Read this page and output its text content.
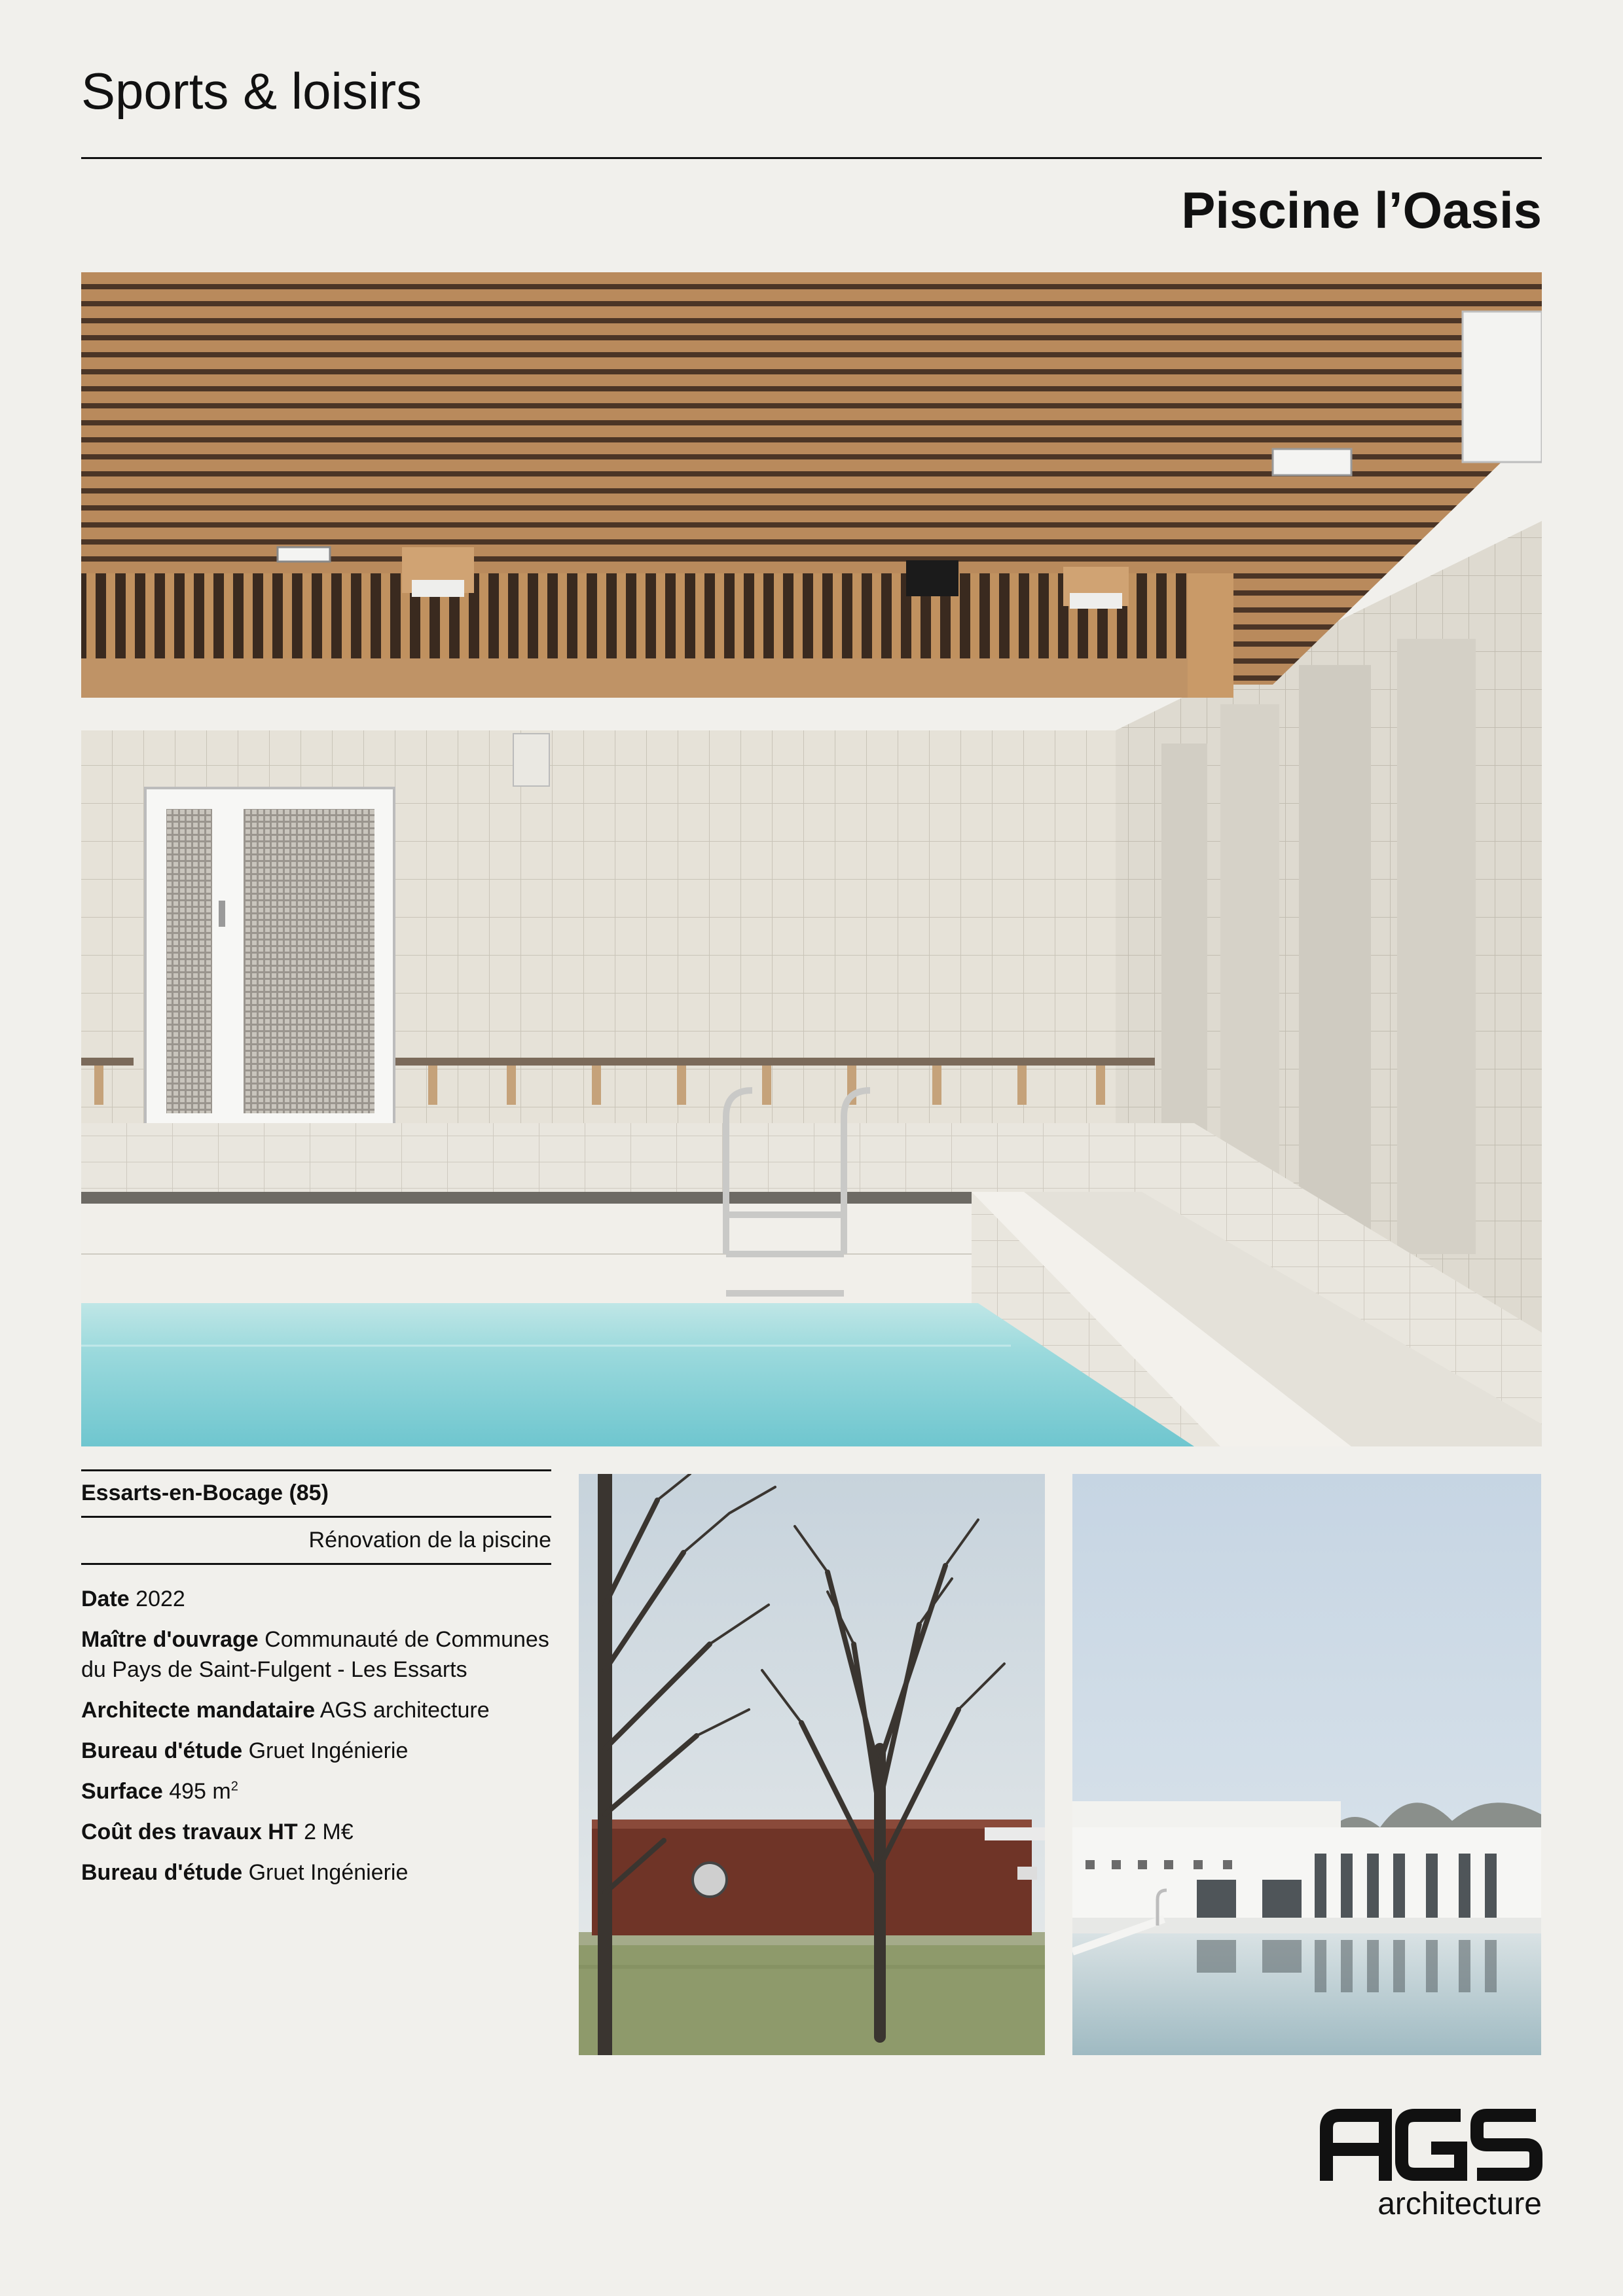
Sports & loisirs
Piscine l’Oasis
Essarts-en-Bocage (85)
Rénovation de la piscine
Date 2022
Maître d'ouvrage Communauté de Communes du Pays de Saint-Fulgent - Les Essarts
Architecte mandataire AGS architecture
Bureau d'étude Gruet Ingénierie
Surface 495 $m^2$
Coût des travaux HT 2 M€
Bureau d'étude Gruet Ingénierie
architecture
